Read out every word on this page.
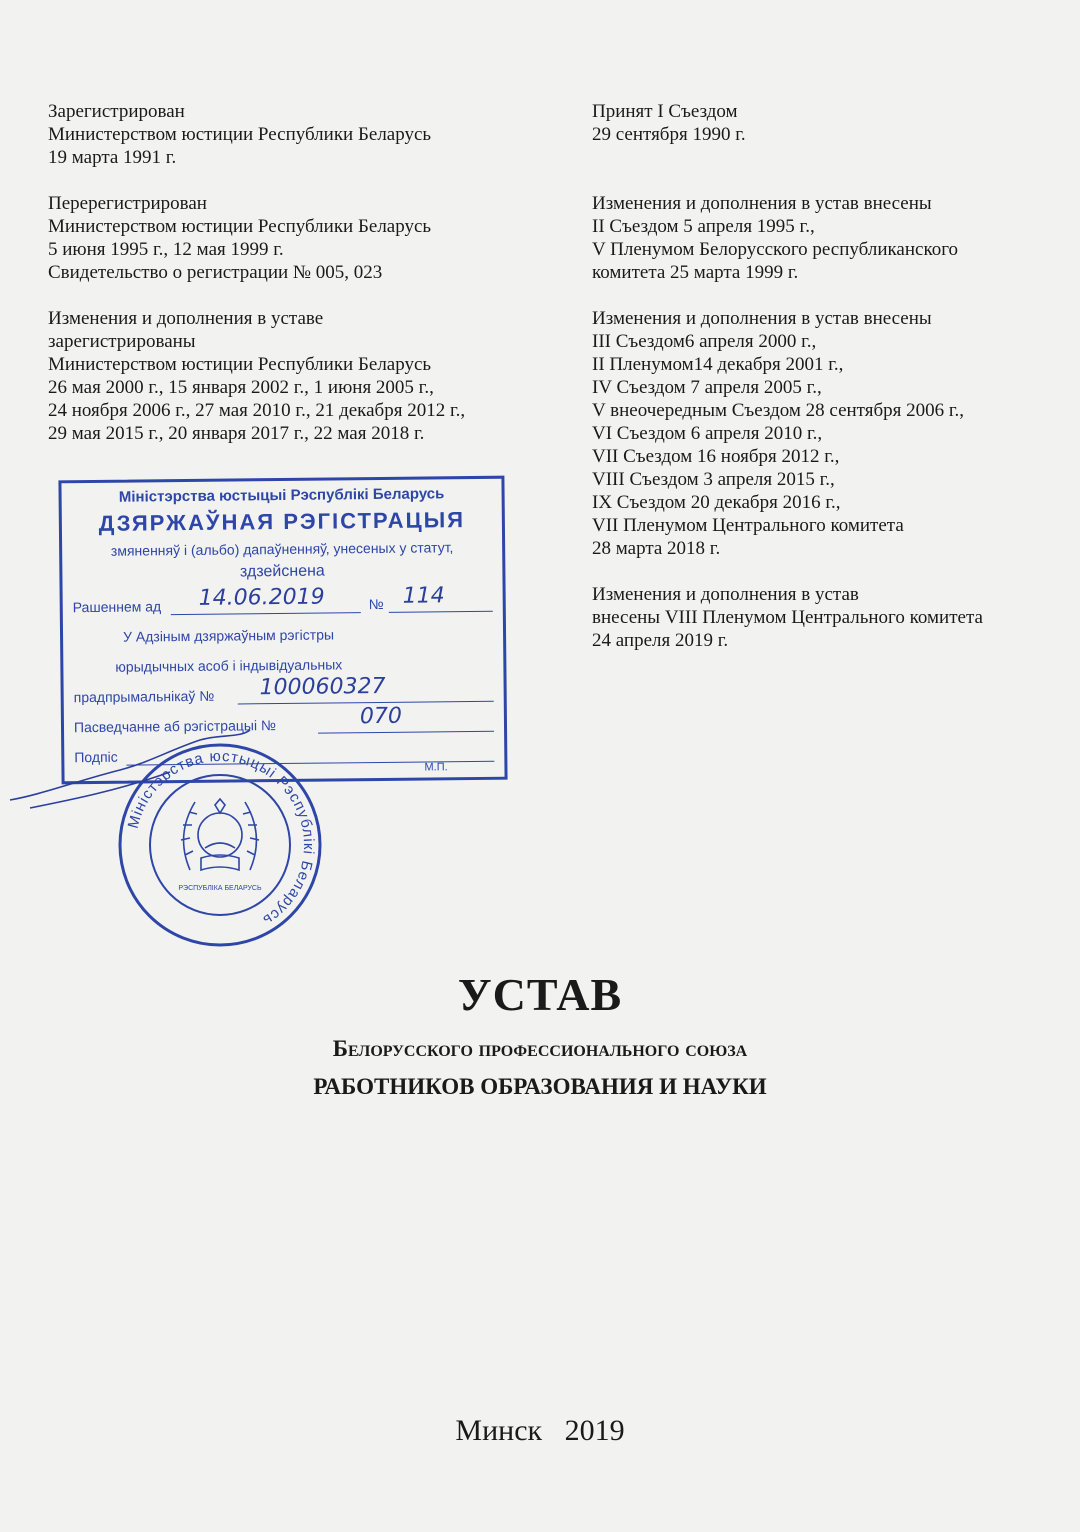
Зарегистрирован
Министерством юстиции Республики Беларусь
19 марта 1991 г.
Перерегистрирован
Министерством юстиции Республики Беларусь
5 июня 1995 г., 12 мая 1999 г.
Свидетельство о регистрации № 005, 023
Изменения и дополнения в уставе
зарегистрированы
Министерством юстиции Республики Беларусь
26 мая 2000 г., 15 января 2002 г., 1 июня 2005 г.,
24 ноября 2006 г., 27 мая 2010 г., 21 декабря 2012 г.,
29 мая 2015 г., 20 января 2017 г., 22 мая 2018 г.
Принят I Съездом
29 сентября 1990 г.
Изменения и дополнения в устав внесены
II Съездом 5 апреля 1995 г.,
V Пленумом Белорусского республиканского
комитета 25 марта 1999 г.
Изменения и дополнения в устав внесены
III Съездом6 апреля 2000 г.,
II Пленумом14 декабря 2001 г.,
IV Съездом 7 апреля 2005 г.,
V внеочередным Съездом 28 сентября 2006 г.,
VI Съездом 6 апреля 2010 г.,
VII Съездом 16 ноября 2012 г.,
VIII Съездом 3 апреля 2015 г.,
IX Съездом 20 декабря 2016 г.,
VII Пленумом Центрального комитета
28 марта 2018 г.
Изменения и дополнения в устав
внесены VIII Пленумом Центрального комитета
24 апреля 2019 г.
Міністэрства юстыцыі Рэспублікі Беларусь
ДЗЯРЖАЎНАЯ РЭГІСТРАЦЫЯ
змяненняў і (альбо) дапаўненняў, унесеных у статут,
здзейснена
Рашеннем ад 14.06.2019	№ 114
У Адзіным дзяржаўным рэгістры
юрыдычных асоб і індывідуальных
прадпрымальнікаў № 100060327
Пасведчанне аб рэгістрацыі №	070
Подпіс
М.П.
Міністэрства юстыцыі Рэспублікі Беларусь
РЭСПУБЛІКА БЕЛАРУСЬ
УСТАВ
Белорусского профессионального союза
РАБОТНИКОВ ОБРАЗОВАНИЯ И НАУКИ
Минск   2019
